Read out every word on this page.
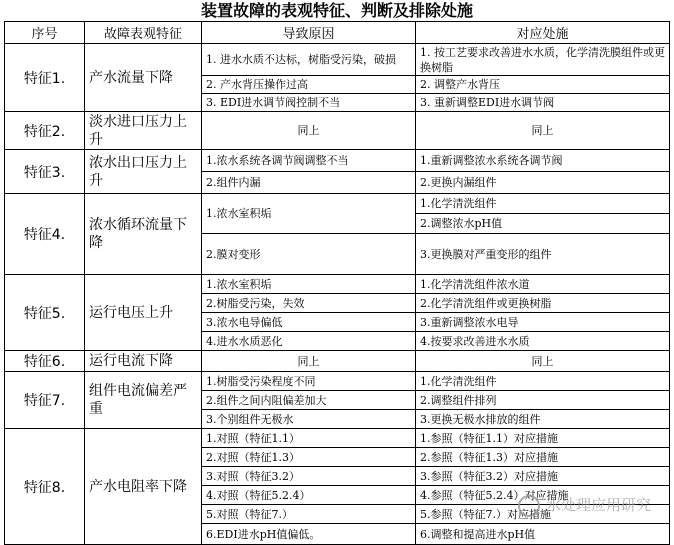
装置故障的表观特征、判断及排除处施
序号	故障表观特征	导致原因	对应处施
特征1.	产水流量下降	1. 进水水质不达标，树脂受污染，破损	1. 按工艺要求改善进水水质，化学清洗膜组件或更换树脂
		2. 产水背压操作过高	2. 调整产水背压
		3. EDI进水调节阀控制不当	3. 重新调整EDI进水调节阀
特征2.	淡水进口压力上升	同上	同上
特征3.	浓水出口压力上升	1.浓水系统各调节阀调整不当	1.重新调整浓水系统各调节阀
		2.组件内漏	2.更换内漏组件
特征4.	浓水循环流量下降	1.浓水室积垢	1.化学清洗组件
			2.调整浓水pH值
		2.膜对变形	3.更换膜对严重变形的组件
特征5.	运行电压上升	1.浓水室积垢	1.化学清洗组件浓水道
		2.树脂受污染，失效	2.化学清洗组件或更换树脂
		3.浓水电导偏低	3.重新调整浓水电导
		4.进水水质恶化	4.按要求改善进水水质
特征6.	运行电流下降	同上	同上
特征7.	组件电流偏差严重	1.树脂受污染程度不同	1.化学清洗组件
		2.组件之间内阻偏差加大	2.调整组件排列
		3.个别组件无极水	3.更换无极水排放的组件
特征8.	产水电阻率下降	1.对照（特征1.1）	1.参照（特征1.1）对应措施
		2.对照（特征1.3）	2.参照（特征1.3）对应措施
		3.对照（特征3.2）	3.参照（特征3.2）对应措施
		4.对照（特征5.2.4）	4.参照（特征5.2.4）对应措施
		5.对照（特征7.）	5.参照（特征7.）对应措施
		6.EDI进水pH值偏低。	6.调整和提高进水pH值
水处理应用研究
